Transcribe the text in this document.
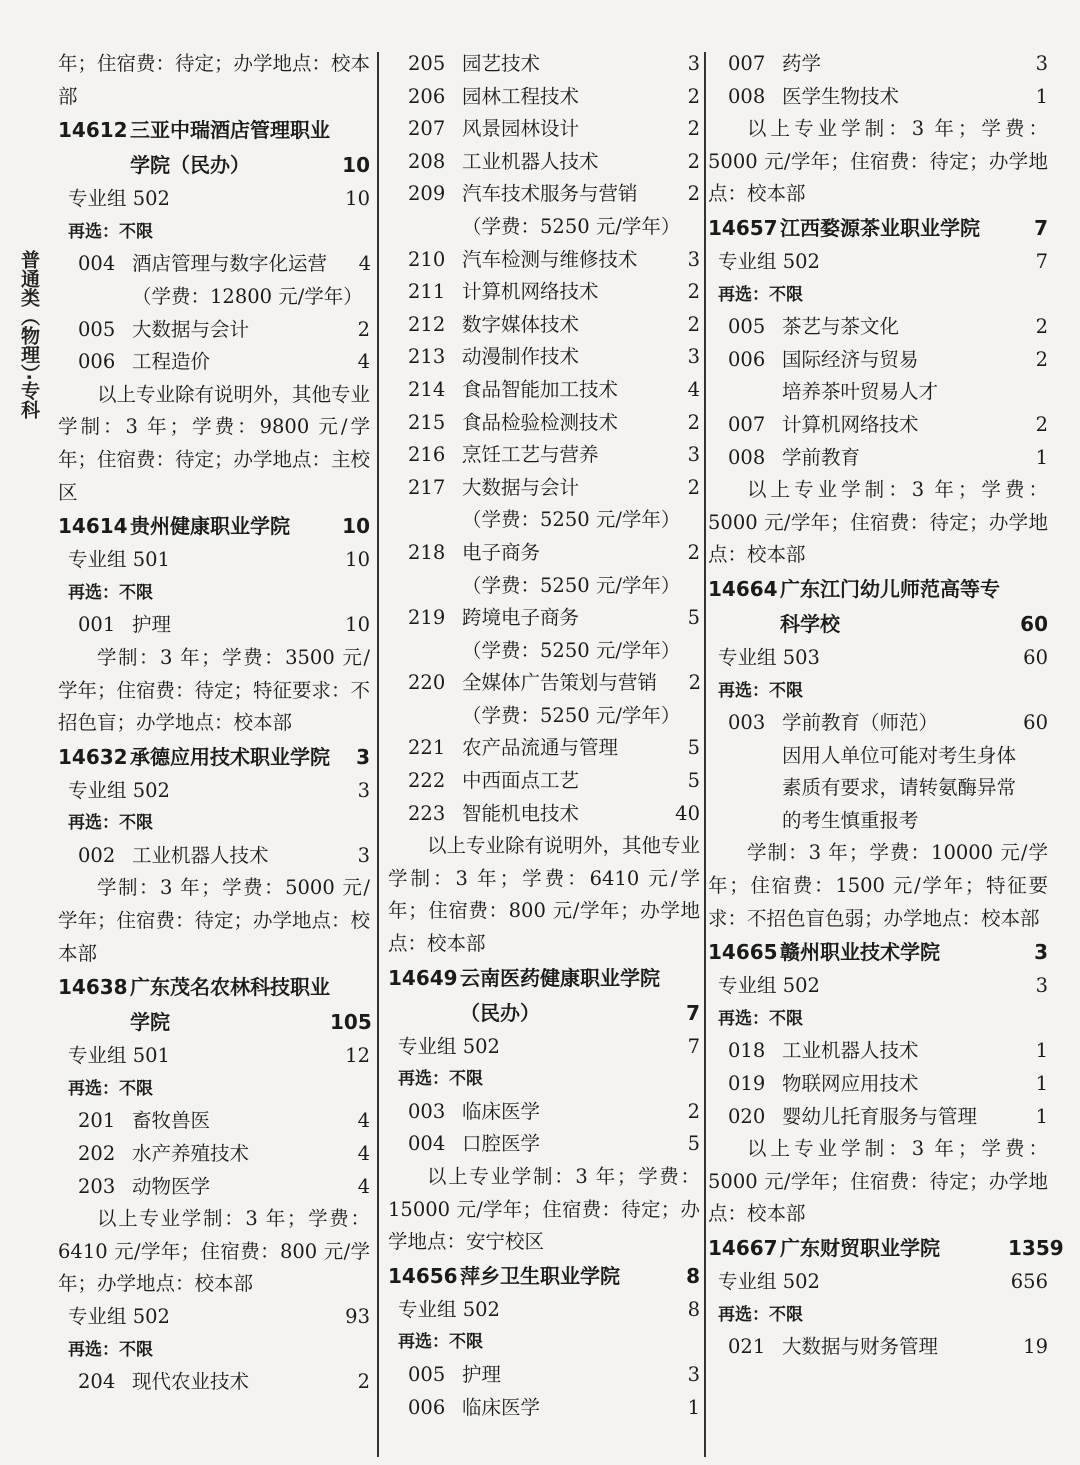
普通类（物理）·专科
年；住宿费：待定；办学地点：校本部
14612 三亚中瑞酒店管理职业学院（民办）	10
专业组 502	10
再选：不限
004 酒店管理与数字化运营	4
（学费：12800 元/学年）
005 大数据与会计	2
006 工程造价	4
以上专业除有说明外，其他专业学制：3 年；学费：9800 元/学年；住宿费：待定；办学地点：主校区
14614 贵州健康职业学院	10
专业组 501	10
再选：不限
001 护理	10
学制：3 年；学费：3500 元/学年；住宿费：待定；特征要求：不招色盲；办学地点：校本部
14632 承德应用技术职业学院	3
专业组 502	3
再选：不限
002 工业机器人技术	3
学制：3 年；学费：5000 元/学年；住宿费：待定；办学地点：校本部
14638 广东茂名农林科技职业学院	105
专业组 501	12
再选：不限
201 畜牧兽医	4
202 水产养殖技术	4
203 动物医学	4
以上专业学制：3 年；学费：6410 元/学年；住宿费：800 元/学年；办学地点：校本部
专业组 502	93
再选：不限
204 现代农业技术	2
205 园艺技术	3
206 园林工程技术	2
207 风景园林设计	2
208 工业机器人技术	2
209 汽车技术服务与营销	2
（学费：5250 元/学年）
210 汽车检测与维修技术	3
211 计算机网络技术	2
212 数字媒体技术	2
213 动漫制作技术	3
214 食品智能加工技术	4
215 食品检验检测技术	2
216 烹饪工艺与营养	3
217 大数据与会计	2
（学费：5250 元/学年）
218 电子商务	2
（学费：5250 元/学年）
219 跨境电子商务	5
（学费：5250 元/学年）
220 全媒体广告策划与营销	2
（学费：5250 元/学年）
221 农产品流通与管理	5
222 中西面点工艺	5
223 智能机电技术	40
以上专业除有说明外，其他专业学制：3 年；学费：6410 元/学年；住宿费：800 元/学年；办学地点：校本部
14649 云南医药健康职业学院（民办）	7
专业组 502	7
再选：不限
003 临床医学	2
004 口腔医学	5
以上专业学制：3 年；学费：15000 元/学年；住宿费：待定；办学地点：安宁校区
14656 萍乡卫生职业学院	8
专业组 502	8
再选：不限
005 护理	3
006 临床医学	1
007 药学	3
008 医学生物技术	1
以上专业学制：3 年；学费：5000 元/学年；住宿费：待定；办学地点：校本部
14657 江西婺源茶业职业学院	7
专业组 502	7
再选：不限
005 茶艺与茶文化	2
006 国际经济与贸易	2
培养茶叶贸易人才
007 计算机网络技术	2
008 学前教育	1
以上专业学制：3 年；学费：5000 元/学年；住宿费：待定；办学地点：校本部
14664 广东江门幼儿师范高等专科学校	60
专业组 503	60
再选：不限
003 学前教育（师范）	60
因用人单位可能对考生身体
素质有要求，请转氨酶异常
的考生慎重报考
学制：3 年；学费：10000 元/学年；住宿费：1500 元/学年；特征要求：不招色盲色弱；办学地点：校本部
14665 赣州职业技术学院	3
专业组 502	3
再选：不限
018 工业机器人技术	1
019 物联网应用技术	1
020 婴幼儿托育服务与管理	1
以上专业学制：3 年；学费：5000 元/学年；住宿费：待定；办学地点：校本部
14667 广东财贸职业学院	1359
专业组 502	656
再选：不限
021 大数据与财务管理	19
